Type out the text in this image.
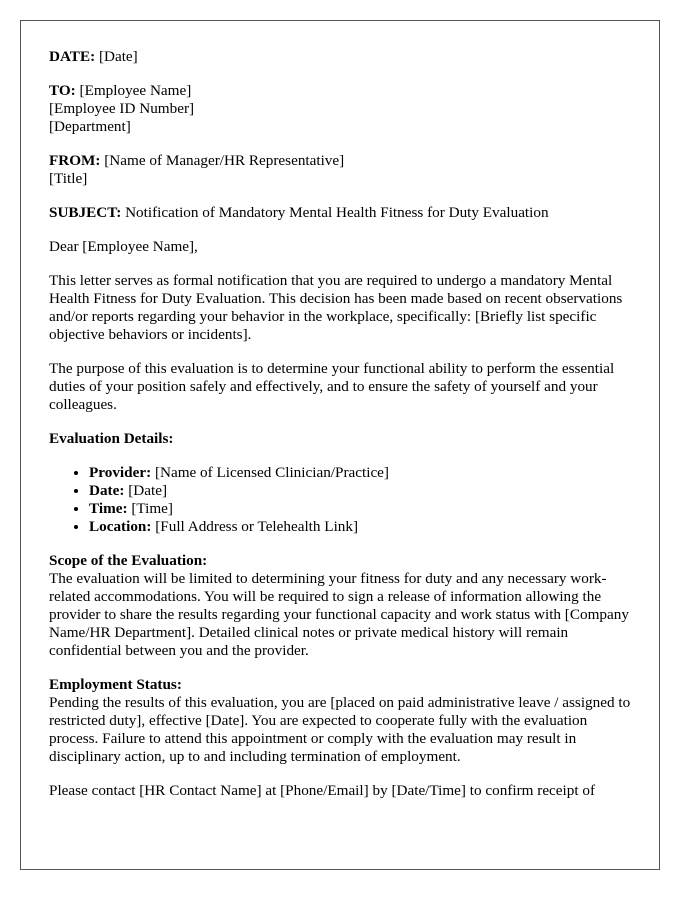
DATE: [Date]

TO: [Employee Name]
[Employee ID Number]
[Department]

FROM: [Name of Manager/HR Representative]
[Title]

SUBJECT: Notification of Mandatory Mental Health Fitness for Duty Evaluation

Dear [Employee Name],

This letter serves as formal notification that you are required to undergo a mandatory Mental Health Fitness for Duty Evaluation. This decision has been made based on recent observations and/or reports regarding your behavior in the workplace, specifically: [Briefly list specific objective behaviors or incidents].

The purpose of this evaluation is to determine your functional ability to perform the essential duties of your position safely and effectively, and to ensure the safety of yourself and your colleagues.

Evaluation Details:

• Provider: [Name of Licensed Clinician/Practice]
• Date: [Date]
• Time: [Time]
• Location: [Full Address or Telehealth Link]

Scope of the Evaluation:
The evaluation will be limited to determining your fitness for duty and any necessary work-related accommodations. You will be required to sign a release of information allowing the provider to share the results regarding your functional capacity and work status with [Company Name/HR Department]. Detailed clinical notes or private medical history will remain confidential between you and the provider.

Employment Status:
Pending the results of this evaluation, you are [placed on paid administrative leave / assigned to restricted duty], effective [Date]. You are expected to cooperate fully with the evaluation process. Failure to attend this appointment or comply with the evaluation may result in disciplinary action, up to and including termination of employment.

Please contact [HR Contact Name] at [Phone/Email] by [Date/Time] to confirm receipt of
